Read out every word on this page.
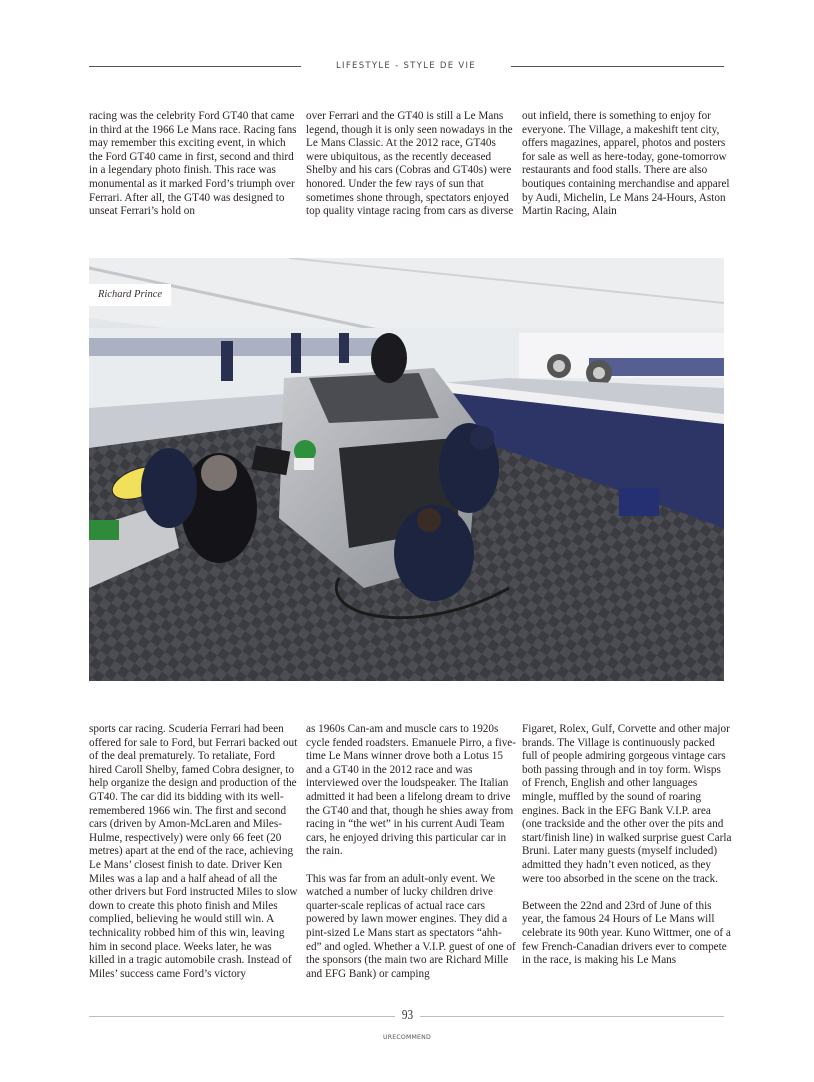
LIFESTYLE - STYLE DE VIE

racing was the celebrity Ford GT40 that came in third at the 1966 Le Mans race. Racing fans may remember this exciting event, in which the Ford GT40 came in first, second and third in a legendary photo finish. This race was monumental as it marked Ford’s triumph over Ferrari. After all, the GT40 was designed to unseat Ferrari’s hold on

over Ferrari and the GT40 is still a Le Mans legend, though it is only seen nowadays in the Le Mans Classic. At the 2012 race, GT40s were ubiquitous, as the recently deceased Shelby and his cars (Cobras and GT40s) were honored. Under the few rays of sun that sometimes shone through, spectators enjoyed top quality vintage racing from cars as diverse

out infield, there is something to enjoy for everyone. The Village, a makeshift tent city, offers magazines, apparel, photos and posters for sale as well as here-today, gone-tomorrow restaurants and food stalls. There are also boutiques containing merchandise and apparel by Audi, Michelin, Le Mans 24-Hours, Aston Martin Racing, Alain

Richard Prince

sports car racing. Scuderia Ferrari had been offered for sale to Ford, but Ferrari backed out of the deal prematurely. To retaliate, Ford hired Caroll Shelby, famed Cobra designer, to help organize the design and production of the GT40. The car did its bidding with its well-remembered 1966 win. The first and second cars (driven by Amon-McLaren and Miles-Hulme, respectively) were only 66 feet (20 metres) apart at the end of the race, achieving Le Mans’ closest finish to date. Driver Ken Miles was a lap and a half ahead of all the other drivers but Ford instructed Miles to slow down to create this photo finish and Miles complied, believing he would still win. A technicality robbed him of this win, leaving him in second place. Weeks later, he was killed in a tragic automobile crash. Instead of Miles’ success came Ford’s victory

as 1960s Can-am and muscle cars to 1920s cycle fended roadsters. Emanuele Pirro, a five-time Le Mans winner drove both a Lotus 15 and a GT40 in the 2012 race and was interviewed over the loudspeaker. The Italian admitted it had been a lifelong dream to drive the GT40 and that, though he shies away from racing in “the wet” in his current Audi Team cars, he enjoyed driving this particular car in the rain.

This was far from an adult-only event. We watched a number of lucky children drive quarter-scale replicas of actual race cars powered by lawn mower engines. They did a pint-sized Le Mans start as spectators “ahh-ed” and ogled. Whether a V.I.P. guest of one of the sponsors (the main two are Richard Mille and EFG Bank) or camping

Figaret, Rolex, Gulf, Corvette and other major brands. The Village is continuously packed full of people admiring gorgeous vintage cars both passing through and in toy form. Wisps of French, English and other languages mingle, muffled by the sound of roaring engines. Back in the EFG Bank V.I.P. area (one trackside and the other over the pits and start/finish line) in walked surprise guest Carla Bruni. Later many guests (myself included) admitted they hadn’t even noticed, as they were too absorbed in the scene on the track.

Between the 22nd and 23rd of June of this year, the famous 24 Hours of Le Mans will celebrate its 90th year. Kuno Wittmer, one of a few French-Canadian drivers ever to compete in the race, is making his Le Mans

93
URECOMMEND
